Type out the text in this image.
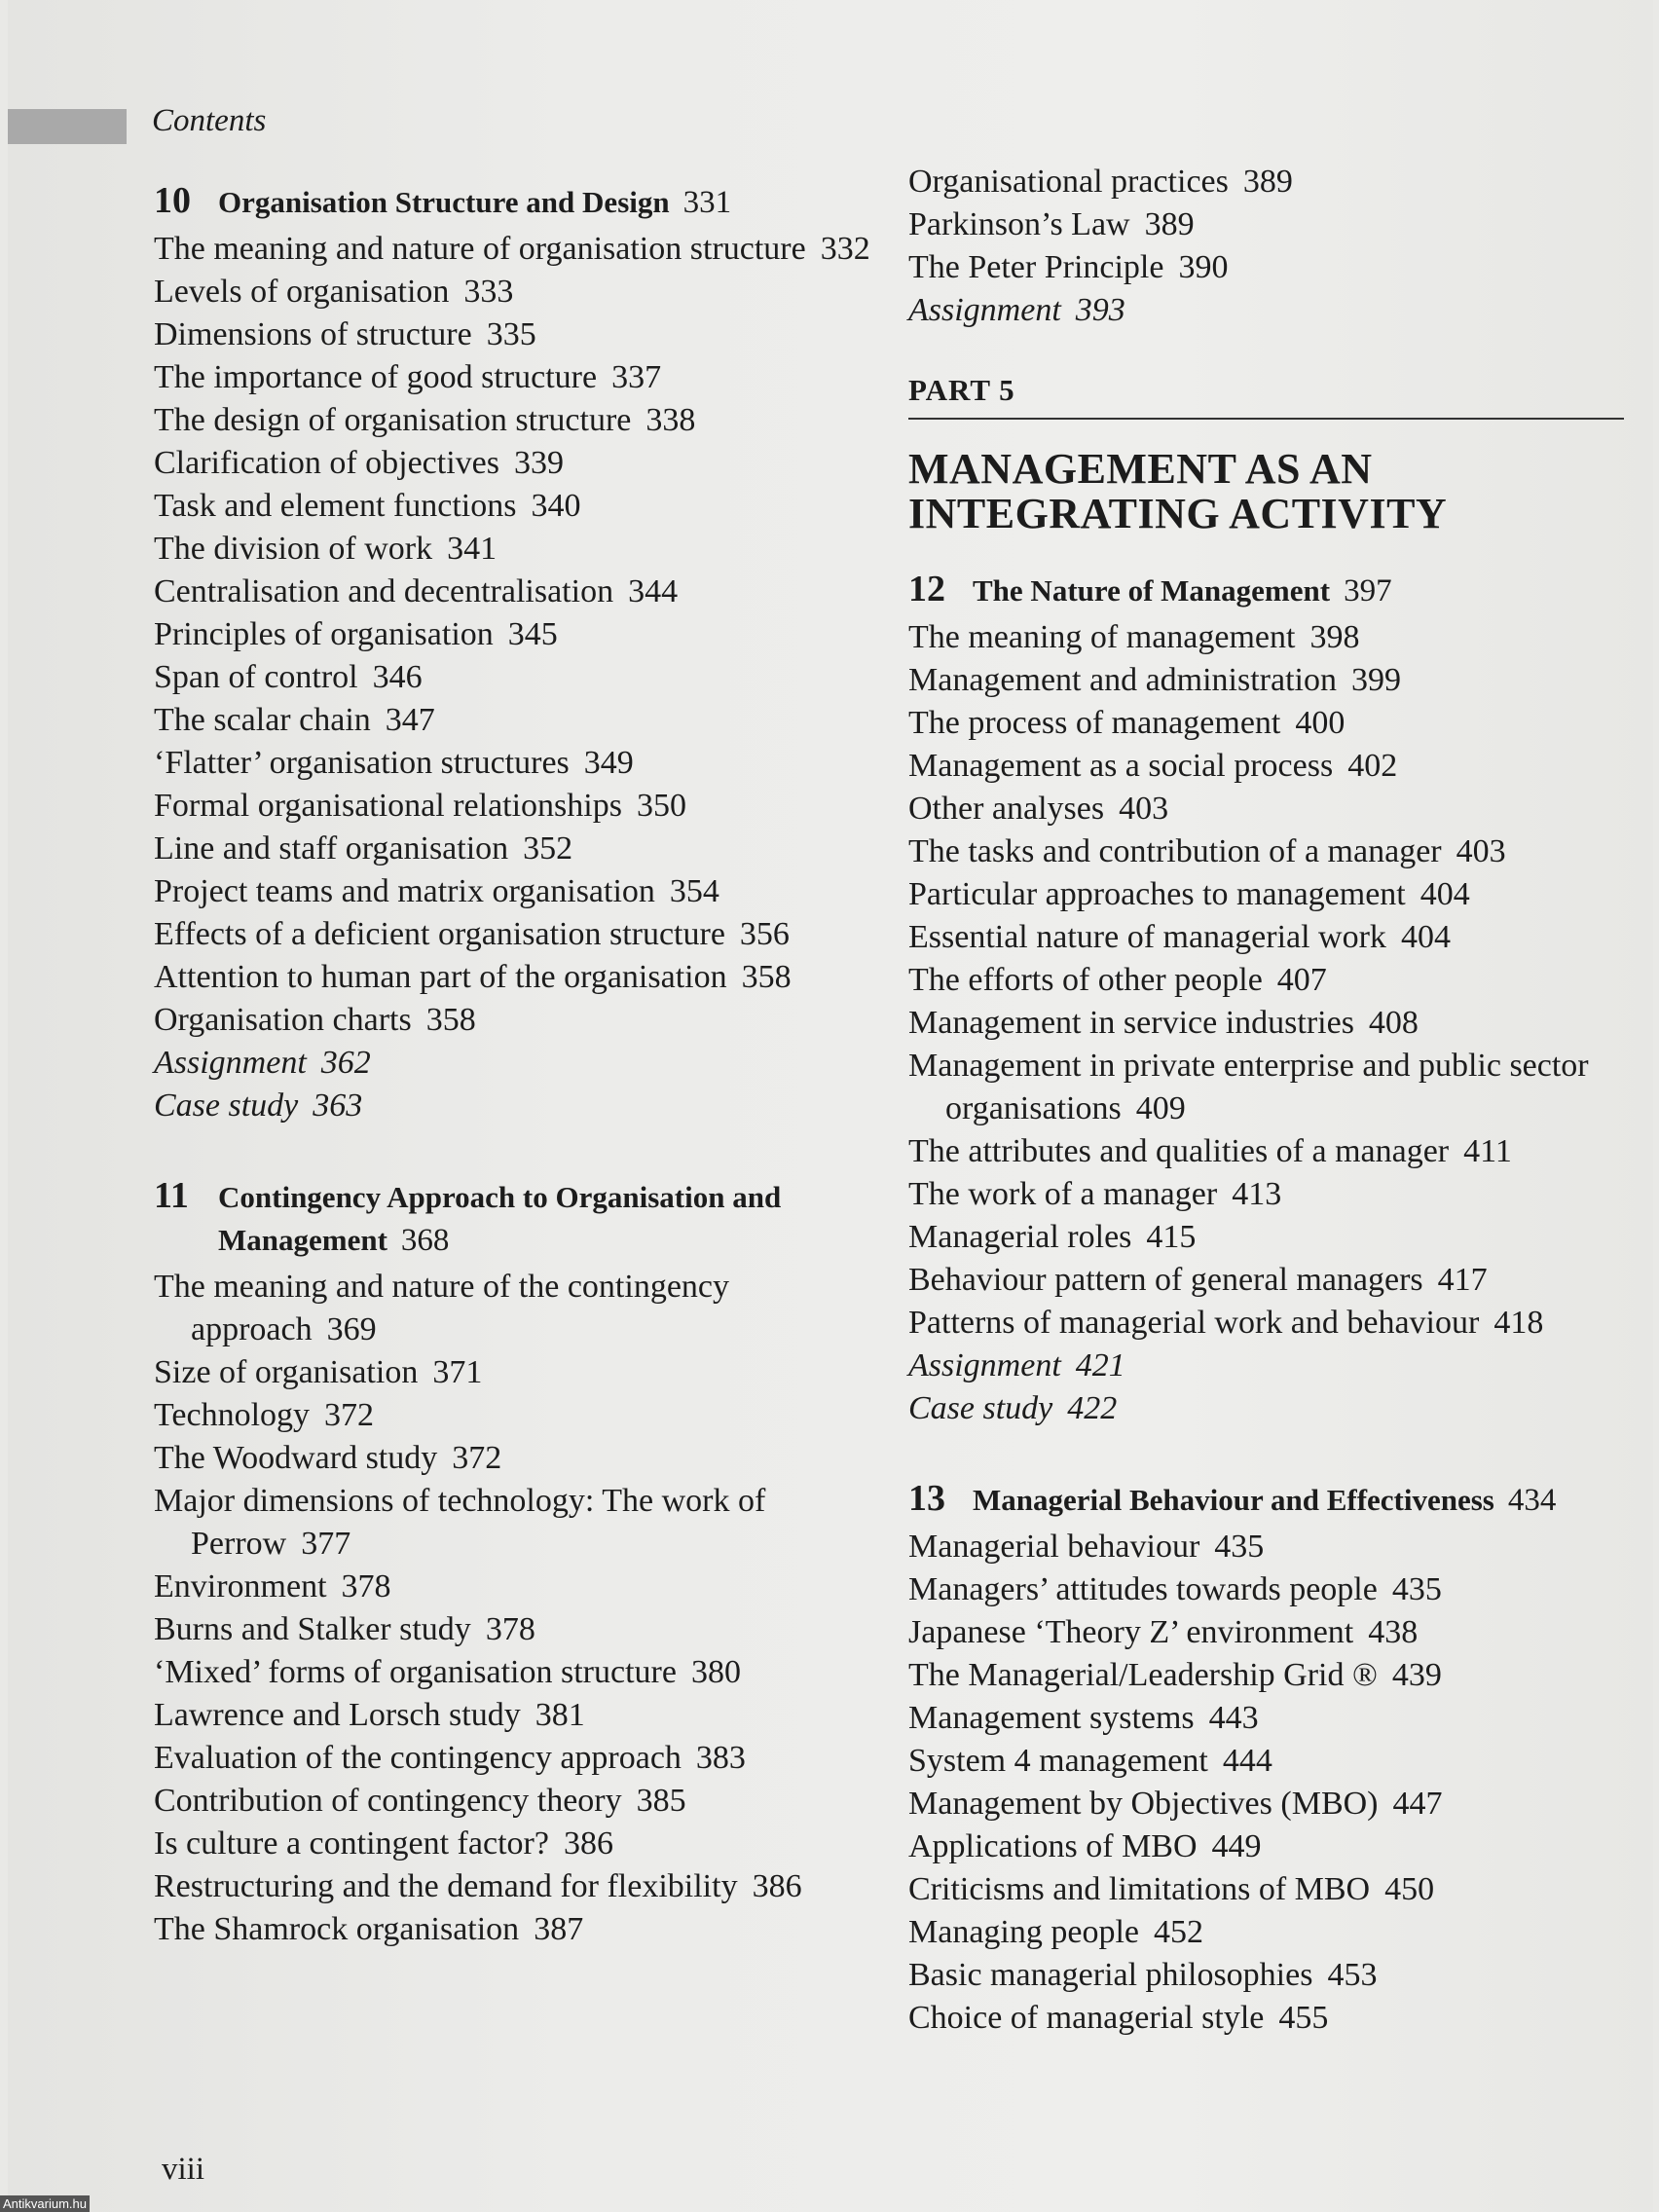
Contents
10 Organisation Structure and Design 331
The meaning and nature of organisation structure 332
Levels of organisation 333
Dimensions of structure 335
The importance of good structure 337
The design of organisation structure 338
Clarification of objectives 339
Task and element functions 340
The division of work 341
Centralisation and decentralisation 344
Principles of organisation 345
Span of control 346
The scalar chain 347
‘Flatter’ organisation structures 349
Formal organisational relationships 350
Line and staff organisation 352
Project teams and matrix organisation 354
Effects of a deficient organisation structure 356
Attention to human part of the organisation 358
Organisation charts 358
Assignment 362
Case study 363
11 Contingency Approach to Organisation and Management 368
The meaning and nature of the contingency approach 369
Size of organisation 371
Technology 372
The Woodward study 372
Major dimensions of technology: The work of Perrow 377
Environment 378
Burns and Stalker study 378
‘Mixed’ forms of organisation structure 380
Lawrence and Lorsch study 381
Evaluation of the contingency approach 383
Contribution of contingency theory 385
Is culture a contingent factor? 386
Restructuring and the demand for flexibility 386
The Shamrock organisation 387
Organisational practices 389
Parkinson’s Law 389
The Peter Principle 390
Assignment 393
PART 5
MANAGEMENT AS AN
INTEGRATING ACTIVITY
12 The Nature of Management 397
The meaning of management 398
Management and administration 399
The process of management 400
Management as a social process 402
Other analyses 403
The tasks and contribution of a manager 403
Particular approaches to management 404
Essential nature of managerial work 404
The efforts of other people 407
Management in service industries 408
Management in private enterprise and public sector organisations 409
The attributes and qualities of a manager 411
The work of a manager 413
Managerial roles 415
Behaviour pattern of general managers 417
Patterns of managerial work and behaviour 418
Assignment 421
Case study 422
13 Managerial Behaviour and Effectiveness 434
Managerial behaviour 435
Managers’ attitudes towards people 435
Japanese ‘Theory Z’ environment 438
The Managerial/Leadership Grid ® 439
Management systems 443
System 4 management 444
Management by Objectives (MBO) 447
Applications of MBO 449
Criticisms and limitations of MBO 450
Managing people 452
Basic managerial philosophies 453
Choice of managerial style 455
viii
Antikvarium.hu
